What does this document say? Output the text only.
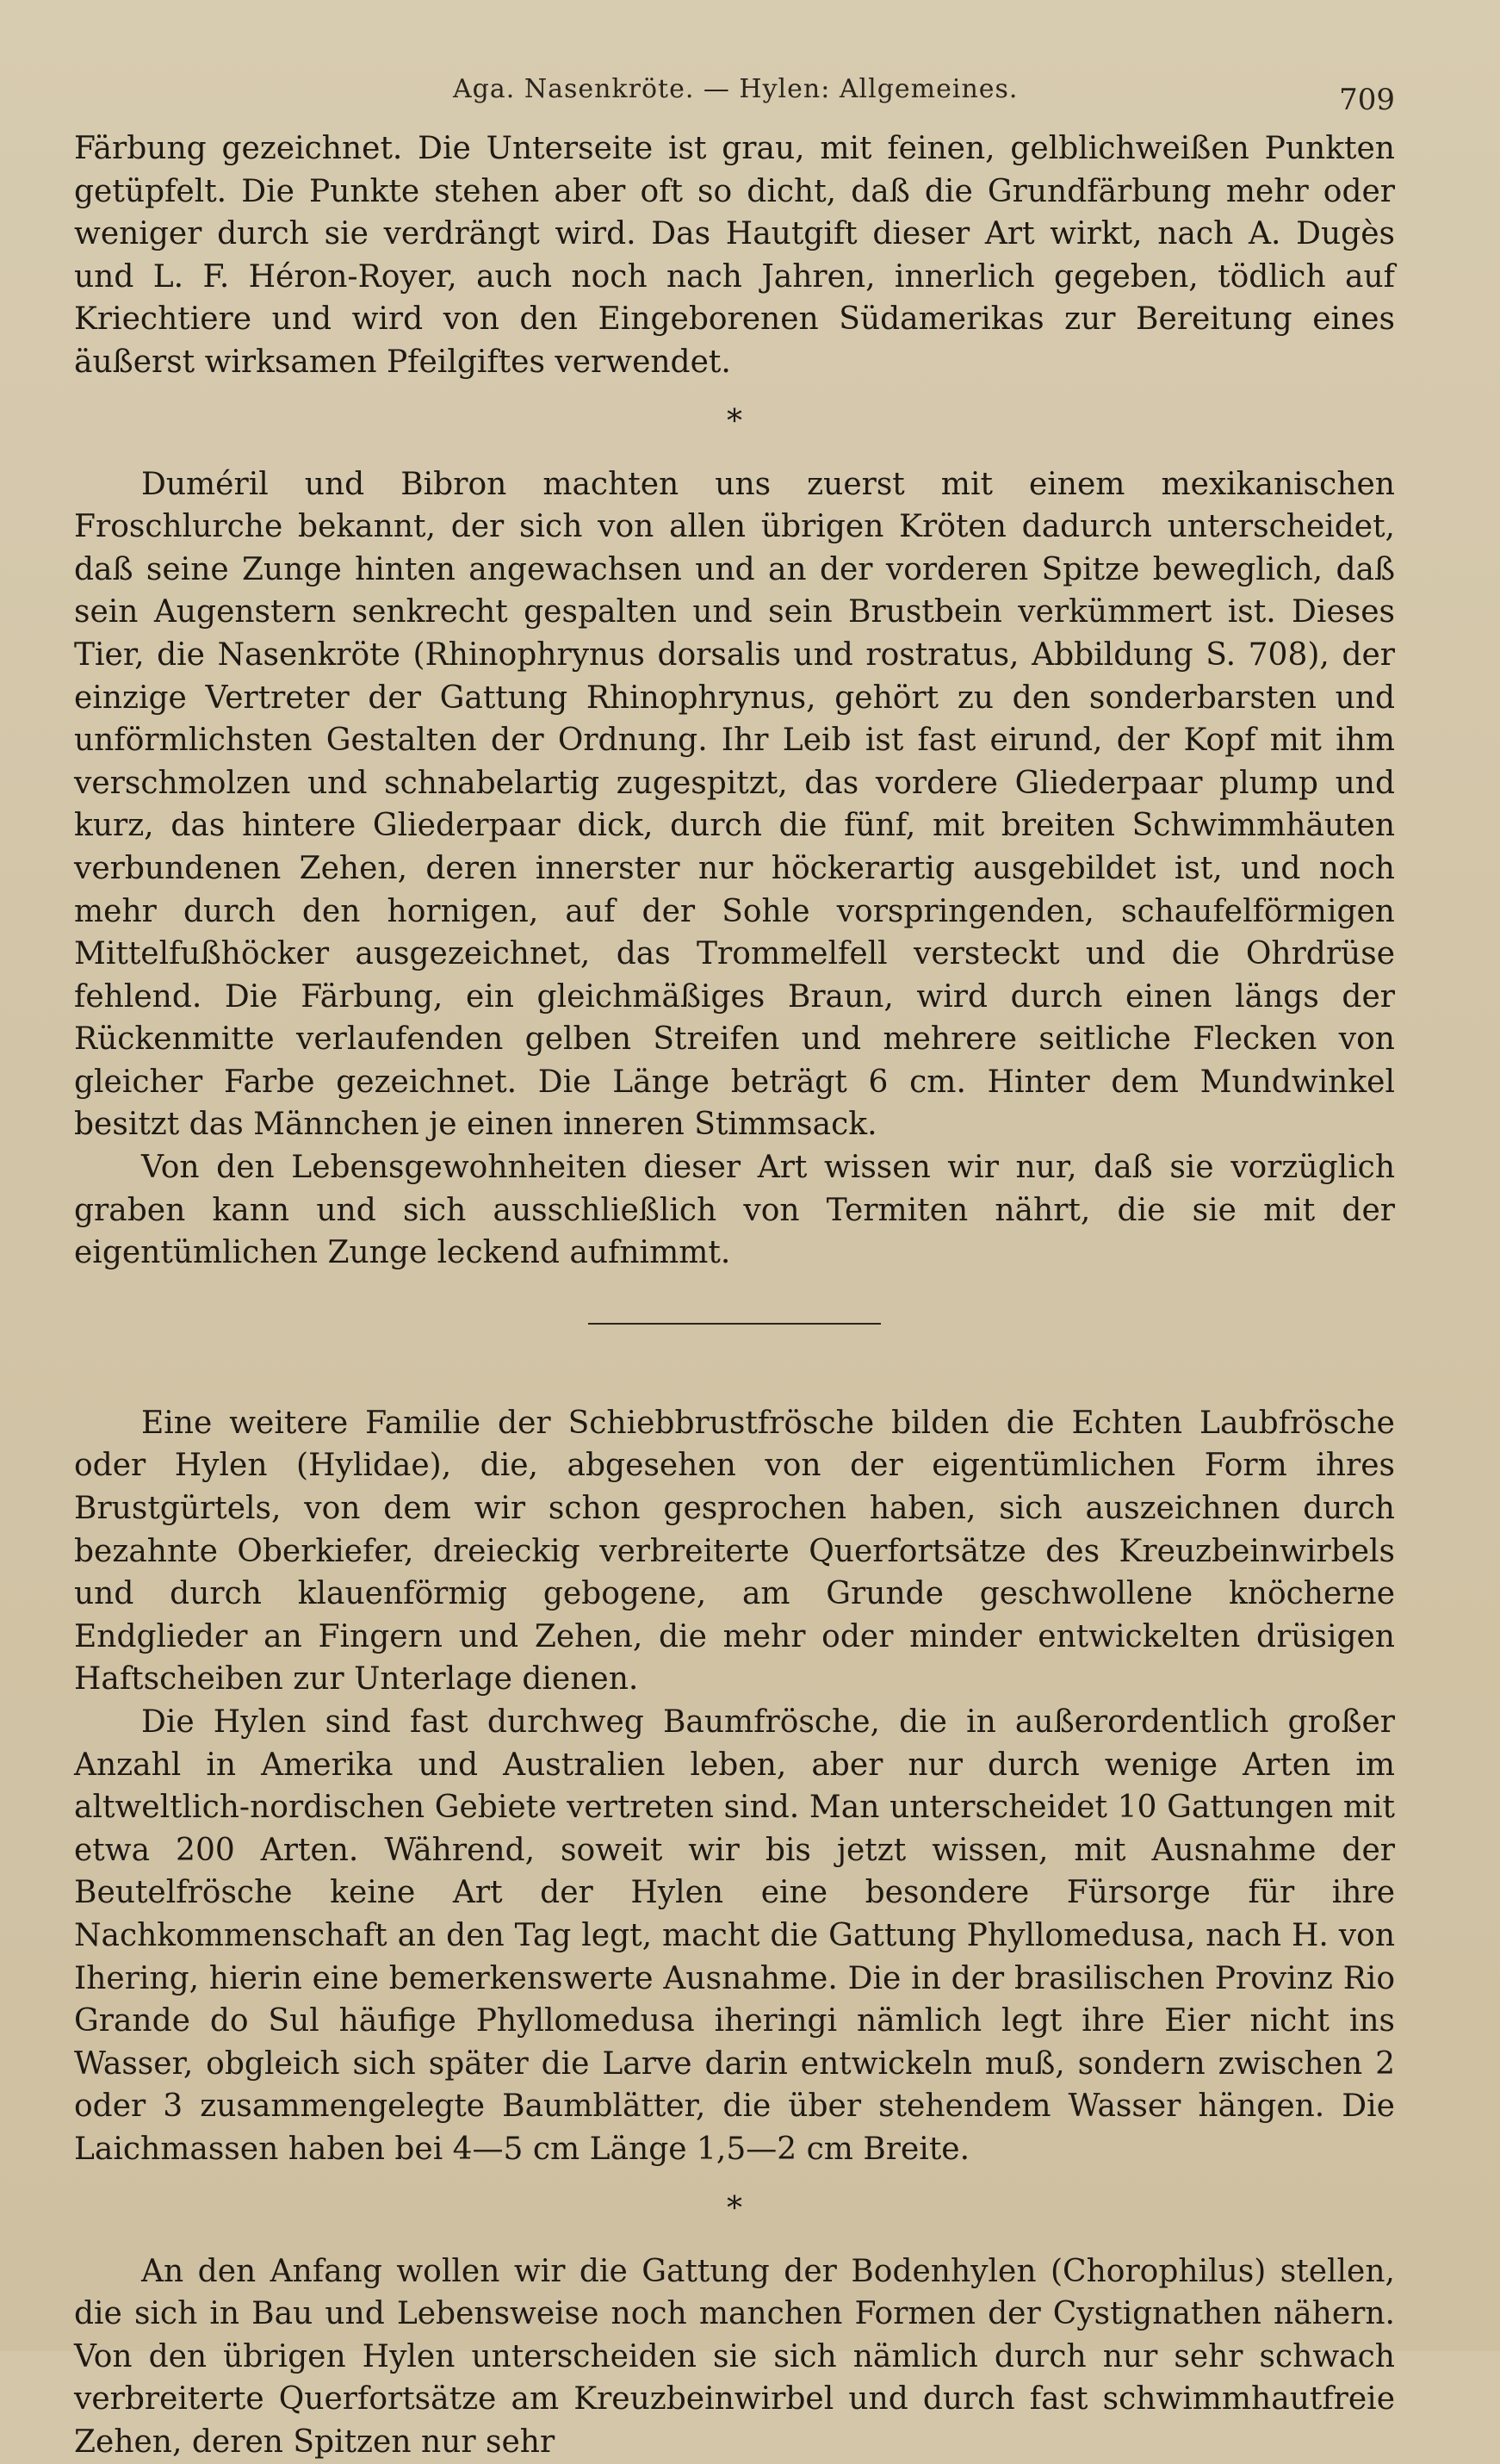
Aga. Nasenkröte. — Hylen: Allgemeines.	709

Färbung gezeichnet. Die Unterseite ist grau, mit feinen, gelblichweißen Punkten getüpfelt. Die Punkte stehen aber oft so dicht, daß die Grundfärbung mehr oder weniger durch sie verdrängt wird. Das Hautgift dieser Art wirkt, nach A. Dugès und L. F. Héron-Royer, auch noch nach Jahren, innerlich gegeben, tödlich auf Kriechtiere und wird von den Eingeborenen Südamerikas zur Bereitung eines äußerst wirksamen Pfeilgiftes verwendet.

*

Duméril und Bibron machten uns zuerst mit einem mexikanischen Froschlurche bekannt, der sich von allen übrigen Kröten dadurch unterscheidet, daß seine Zunge hinten angewachsen und an der vorderen Spitze beweglich, daß sein Augenstern senkrecht gespalten und sein Brustbein verkümmert ist. Dieses Tier, die Nasenkröte (Rhinophrynus dorsalis und rostratus, Abbildung S. 708), der einzige Vertreter der Gattung Rhinophrynus, gehört zu den sonderbarsten und unförmlichsten Gestalten der Ordnung. Ihr Leib ist fast eirund, der Kopf mit ihm verschmolzen und schnabelartig zugespitzt, das vordere Gliederpaar plump und kurz, das hintere Gliederpaar dick, durch die fünf, mit breiten Schwimmhäuten verbundenen Zehen, deren innerster nur höckerartig ausgebildet ist, und noch mehr durch den hornigen, auf der Sohle vorspringenden, schaufelförmigen Mittelfußhöcker ausgezeichnet, das Trommelfell versteckt und die Ohrdrüse fehlend. Die Färbung, ein gleichmäßiges Braun, wird durch einen längs der Rückenmitte verlaufenden gelben Streifen und mehrere seitliche Flecken von gleicher Farbe gezeichnet. Die Länge beträgt 6 cm. Hinter dem Mundwinkel besitzt das Männchen je einen inneren Stimmsack.

Von den Lebensgewohnheiten dieser Art wissen wir nur, daß sie vorzüglich graben kann und sich ausschließlich von Termiten nährt, die sie mit der eigentümlichen Zunge leckend aufnimmt.

Eine weitere Familie der Schiebbrustfrösche bilden die Echten Laubfrösche oder Hylen (Hylidae), die, abgesehen von der eigentümlichen Form ihres Brustgürtels, von dem wir schon gesprochen haben, sich auszeichnen durch bezahnte Oberkiefer, dreieckig verbreiterte Querfortsätze des Kreuzbeinwirbels und durch klauenförmig gebogene, am Grunde geschwollene knöcherne Endglieder an Fingern und Zehen, die mehr oder minder entwickelten drüsigen Haftscheiben zur Unterlage dienen.

Die Hylen sind fast durchweg Baumfrösche, die in außerordentlich großer Anzahl in Amerika und Australien leben, aber nur durch wenige Arten im altweltlich-nordischen Gebiete vertreten sind. Man unterscheidet 10 Gattungen mit etwa 200 Arten. Während, soweit wir bis jetzt wissen, mit Ausnahme der Beutelfrösche keine Art der Hylen eine besondere Fürsorge für ihre Nachkommenschaft an den Tag legt, macht die Gattung Phyllomedusa, nach H. von Ihering, hierin eine bemerkenswerte Ausnahme. Die in der brasilischen Provinz Rio Grande do Sul häufige Phyllomedusa iheringi nämlich legt ihre Eier nicht ins Wasser, obgleich sich später die Larve darin entwickeln muß, sondern zwischen 2 oder 3 zusammengelegte Baumblätter, die über stehendem Wasser hängen. Die Laichmassen haben bei 4—5 cm Länge 1,5—2 cm Breite.

*

An den Anfang wollen wir die Gattung der Bodenhylen (Chorophilus) stellen, die sich in Bau und Lebensweise noch manchen Formen der Cystignathen nähern. Von den übrigen Hylen unterscheiden sie sich nämlich durch nur sehr schwach verbreiterte Querfortsätze am Kreuzbeinwirbel und durch fast schwimmhautfreie Zehen, deren Spitzen nur sehr
